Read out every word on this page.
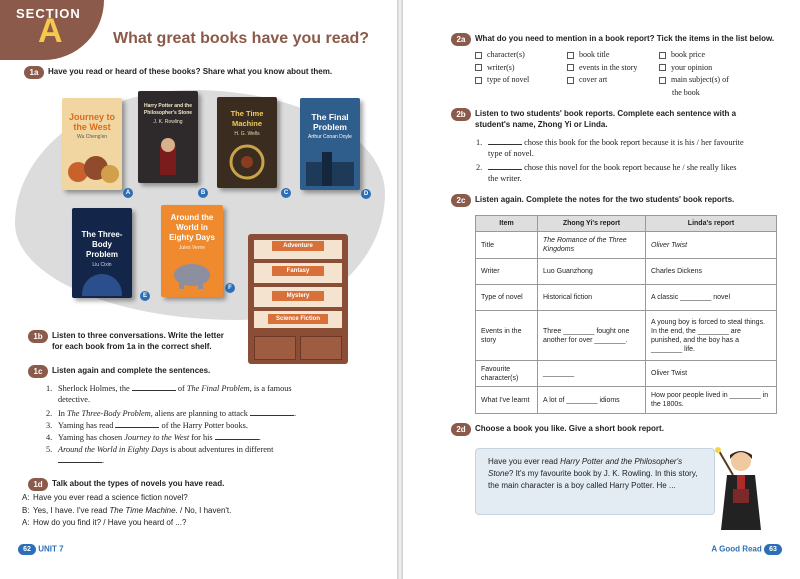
SECTION
A	What great books have you read?
1a	Have you read or heard of these books? Share what you know about them.
Journey to the West
Wu Cheng'en
A
Harry Potter and the Philosopher's Stone
J. K. Rowling
B
The Time Machine
H. G. Wells
C
The Final Problem
Arthur Conan Doyle
D
The Three-Body Problem
Liu Cixin
E
Around the World in Eighty Days
Jules Verne
F
Adventure
Fantasy
Mystery
Science Fiction
1b	Listen to three conversations. Write the letter
for each book from 1a in the correct shelf.
1c	Listen again and complete the sentences.
1. Sherlock Holmes, the	of The Final Problem, is a famous
detective.
2. In The Three-Body Problem, aliens are planning to attack	.
3. Yaming has read	of the Harry Potter books.
4. Yaming has chosen Journey to the West for his	.
5. Around the World in Eighty Days is about adventures in different
.
1d	Talk about the types of novels you have read.
A: Have you ever read a science fiction novel?
B: Yes, I have. I've read The Time Machine. / No, I haven't.
A: How do you find it? / Have you heard of ...?
62 UNIT 7
2a	What do you need to mention in a book report? Tick the items in the list below.
character(s)
writer(s)
type of novel
book title
events in the story
cover art
book price
your opinion
main subject(s) of
the book
2b	Listen to two students' book reports. Complete each sentence with a
student's name, Zhong Yi or Linda.
1.	chose this book for the book report because it is his / her favourite
type of novel.
2.	chose this novel for the book report because he / she really likes
the writer.
2c	Listen again. Complete the notes for the two students' book reports.
Item	Zhong Yi's report	Linda's report
Title	The Romance of the Three Kingdoms	Oliver Twist
Writer	Luo Guanzhong	Charles Dickens
Type of novel	Historical fiction	A classic ________ novel
Events in the story	Three ________ fought one another for over ________.	A young boy is forced to steal things. In the end, the ________ are punished, and the boy has a ________ life.
Favourite character(s)	________	Oliver Twist
What I've learnt	A lot of ________ idioms	How poor people lived in ________ in the 1800s.
2d	Choose a book you like. Give a short book report.
Have you ever read Harry Potter and the Philosopher's Stone? It's my favourite book by J. K. Rowling. In this story, the main character is a boy called Harry Potter. He ...
A Good Read 63
